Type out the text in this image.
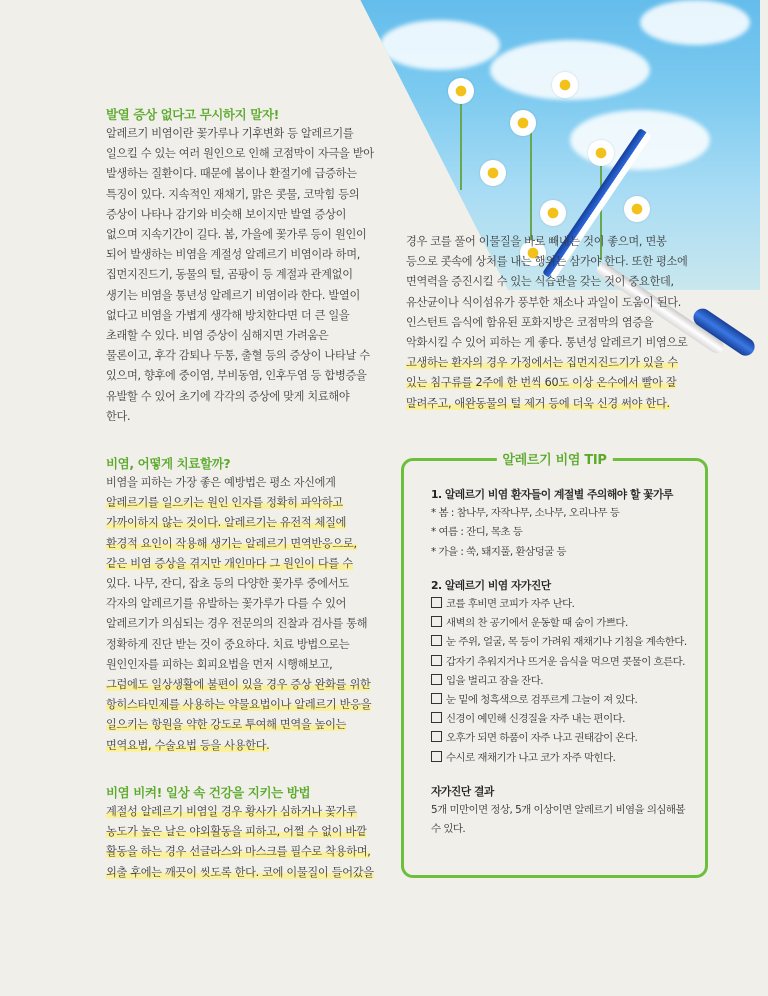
발열 증상 없다고 무시하지 말자!

알레르기 비염이란 꽃가루나 기후변화 등 알레르기를

일으킬 수 있는 여러 원인으로 인해 코점막이 자극을 받아

발생하는 질환이다. 때문에 봄이나 환절기에 급증하는

특징이 있다. 지속적인 재채기, 맑은 콧물, 코막힘 등의

증상이 나타나 감기와 비슷해 보이지만 발열 증상이

없으며 지속기간이 길다. 봄, 가을에 꽃가루 등이 원인이

되어 발생하는 비염을 계절성 알레르기 비염이라 하며,

집먼지진드기, 동물의 털, 곰팡이 등 계절과 관계없이

생기는 비염을 통년성 알레르기 비염이라 한다. 발열이

없다고 비염을 가볍게 생각해 방치한다면 더 큰 일을

초래할 수 있다. 비염 증상이 심해지면 가려움은

물론이고, 후각 감퇴나 두통, 출혈 등의 증상이 나타날 수

있으며, 향후에 중이염, 부비동염, 인후두염 등 합병증을

유발할 수 있어 초기에 각각의 증상에 맞게 치료해야

한다.

비염, 어떻게 치료할까?

비염을 피하는 가장 좋은 예방법은 평소 자신에게

알레르기를 일으키는 원인 인자를 정확히 파악하고

가까이하지 않는 것이다. 알레르기는 유전적 체질에

환경적 요인이 작용해 생기는 알레르기 면역반응으로,

같은 비염 증상을 겪지만 개인마다 그 원인이 다를 수

있다. 나무, 잔디, 잡초 등의 다양한 꽃가루 중에서도

각자의 알레르기를 유발하는 꽃가루가 다를 수 있어

알레르기가 의심되는 경우 전문의의 진찰과 검사를 통해

정확하게 진단 받는 것이 중요하다. 치료 방법으로는

원인인자를 피하는 회피요법을 먼저 시행해보고,

그럼에도 일상생활에 불편이 있을 경우 증상 완화를 위한

항히스타민제를 사용하는 약물요법이나 알레르기 반응을

일으키는 항원을 약한 강도로 투여해 면역을 높이는

면역요법, 수술요법 등을 사용한다.

비염 비켜! 일상 속 건강을 지키는 방법

계절성 알레르기 비염일 경우 황사가 심하거나 꽃가루

농도가 높은 날은 야외활동을 피하고, 어쩔 수 없이 바깥

활동을 하는 경우 선글라스와 마스크를 필수로 착용하며,

외출 후에는 깨끗이 씻도록 한다. 코에 이물질이 들어갔을

경우 코를 풀어 이물질을 바로 빼내는 것이 좋으며, 면봉

등으로 콧속에 상처를 내는 행위는 삼가야 한다. 또한 평소에

면역력을 증진시킬 수 있는 식습관을 갖는 것이 중요한데,

유산균이나 식이섬유가 풍부한 채소나 과일이 도움이 된다.

인스턴트 음식에 함유된 포화지방은 코점막의 염증을

악화시킬 수 있어 피하는 게 좋다. 통년성 알레르기 비염으로

고생하는 환자의 경우 가정에서는 집먼지진드기가 있을 수

있는 침구류를 2주에 한 번씩 60도 이상 온수에서 빨아 잘

말려주고, 애완동물의 털 제거 등에 더욱 신경 써야 한다.

알레르기 비염 TIP
1. 알레르기 비염 환자들이 계절별 주의해야 할 꽃가루
* 봄 : 참나무, 자작나무, 소나무, 오리나무 등
* 여름 : 잔디, 목초 등
* 가을 : 쑥, 돼지풀, 환삼덩굴 등
2. 알레르기 비염 자가진단
코를 후비면 코피가 자주 난다.
새벽의 찬 공기에서 운동할 때 숨이 가쁘다.
눈 주위, 얼굴, 목 등이 가려워 재채기나 기침을 계속한다.
갑자기 추워지거나 뜨거운 음식을 먹으면 콧물이 흐른다.
입을 벌리고 잠을 잔다.
눈 밑에 청흑색으로 검푸르게 그늘이 져 있다.
신경이 예민해 신경질을 자주 내는 편이다.
오후가 되면 하품이 자주 나고 권태감이 온다.
수시로 재채기가 나고 코가 자주 막힌다.
자가진단 결과
5개 미만이면 정상, 5개 이상이면 알레르기 비염을 의심해볼
수 있다.
